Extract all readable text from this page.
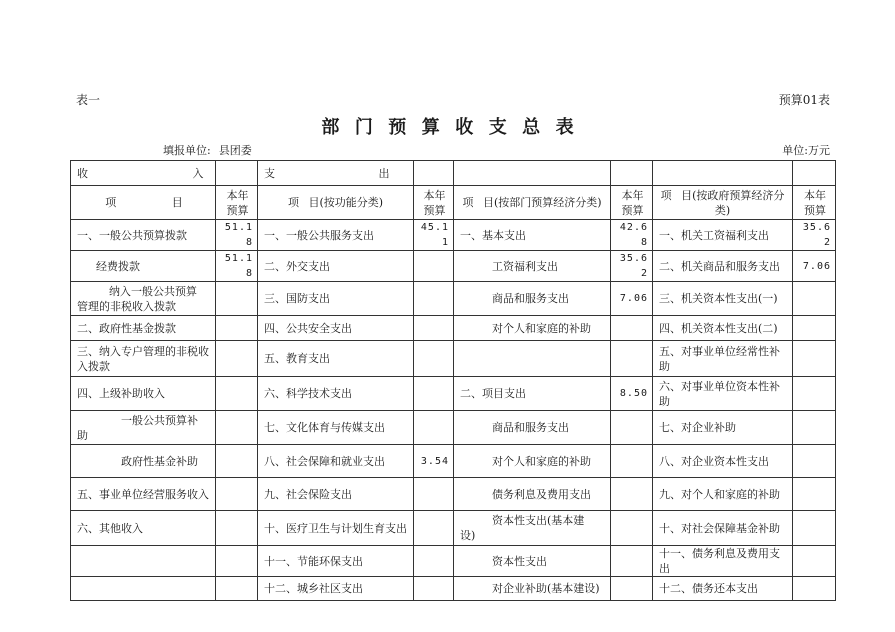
表一	预算01表
部 门 预 算 收 支 总 表
填报单位: 县团委	单位:万元
收 入		支 出					
项 目	本年预算	项 目(按功能分类)	本年预算	项 目(按部门预算经济分类)	本年预算	项 目(按政府预算经济分类)	本年预算
一、一般公共预算拨款	51.18	一、一般公共服务支出	45.11	一、基本支出	42.68	一、机关工资福利支出	35.62
经费拨款	51.18	二、外交支出		工资福利支出	35.62	二、机关商品和服务支出	7.06
纳入一般公共预算管理的非税收入拨款		三、国防支出		商品和服务支出	7.06	三、机关资本性支出(一)	
二、政府性基金拨款		四、公共安全支出		对个人和家庭的补助		四、机关资本性支出(二)	
三、纳入专户管理的非税收入拨款		五、教育支出				五、对事业单位经常性补助	
四、上级补助收入		六、科学技术支出		二、项目支出	8.50	六、对事业单位资本性补助	
一般公共预算补助		七、文化体育与传媒支出		商品和服务支出		七、对企业补助	
政府性基金补助		八、社会保障和就业支出	3.54	对个人和家庭的补助		八、对企业资本性支出	
五、事业单位经营服务收入		九、社会保险支出		债务利息及费用支出		九、对个人和家庭的补助	
六、其他收入		十、医疗卫生与计划生育支出		资本性支出(基本建设)		十、对社会保障基金补助	
		十一、节能环保支出		资本性支出		十一、债务利息及费用支出	
		十二、城乡社区支出		对企业补助(基本建设)		十二、债务还本支出	
